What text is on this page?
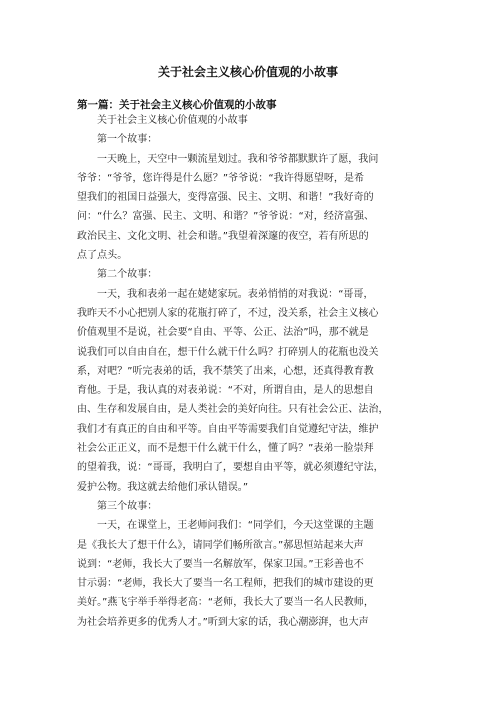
关于社会主义核心价值观的小故事
第一篇：关于社会主义核心价值观的小故事
关于社会主义核心价值观的小故事
第一个故事：
一天晚上，天空中一颗流星划过。我和爷爷都默默许了愿，我问
爷爷：“爷爷，您许得是什么愿？”爷爷说：“我许得愿望呀，是希
望我们的祖国日益强大，变得富强、民主、文明、和谐！”我好奇的
问：“什么？富强、民主、文明、和谐？”爷爷说：“对，经济富强、
政治民主、文化文明、社会和谐。”我望着深邃的夜空，若有所思的
点了点头。
第二个故事：
一天，我和表弟一起在姥姥家玩。表弟悄悄的对我说：“哥哥，
我昨天不小心把别人家的花瓶打碎了，不过，没关系，社会主义核心
价值观里不是说，社会要“自由、平等、公正、法治”吗，那不就是
说我们可以自由自在，想干什么就干什么吗？打碎别人的花瓶也没关
系，对吧？”听完表弟的话，我不禁笑了出来，心想，还真得教育教
育他。于是，我认真的对表弟说：“不对，所谓自由，是人的思想自
由、生存和发展自由，是人类社会的美好向往。只有社会公正、法治，
我们才有真正的自由和平等。自由平等需要我们自觉遵纪守法，维护
社会公正正义，而不是想干什么就干什么，懂了吗？”表弟一脸崇拜
的望着我，说：“哥哥，我明白了，要想自由平等，就必须遵纪守法，
爱护公物。我这就去给他们承认错误。”
第三个故事：
一天，在课堂上，王老师问我们：“同学们，今天这堂课的主题
是《我长大了想干什么》，请同学们畅所欲言。”郝思恒站起来大声
说到：“老师，我长大了要当一名解放军，保家卫国。”王彩善也不
甘示弱：“老师，我长大了要当一名工程师，把我们的城市建设的更
美好。”燕飞宇举手举得老高：“老师，我长大了要当一名人民教师，
为社会培养更多的优秀人才。”听到大家的话，我心潮澎湃，也大声
